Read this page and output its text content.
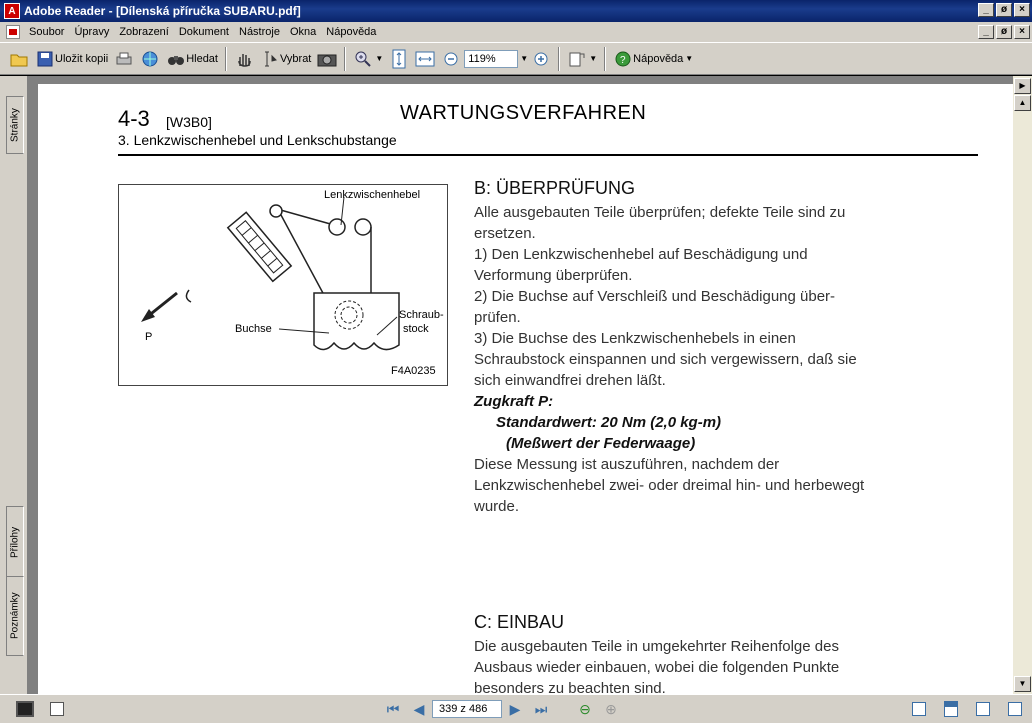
A Adobe Reader - [Dílenská příručka SUBARU.pdf]	_	ø	×
Soubor Úpravy Zobrazení Dokument Nástroje Okna Nápověda	_	ø	×
Uložit kopii	Hledat	Vybrat	▼	119%	▼	▼ ? Nápověda ▼
Stránky
Přílohy
Poznámky
4-3 [W3B0]	WARTUNGSVERFAHREN
3. Lenkzwischenhebel und Lenkschubstange
Lenkzwischenhebel
Schraub-
stock
Buchse
P
F4A0235
B: ÜBERPRÜFUNG
Alle ausgebauten Teile überprüfen; defekte Teile sind zu
ersetzen.
1) Den Lenkzwischenhebel auf Beschädigung und
Verformung überprüfen.
2) Die Buchse auf Verschleiß und Beschädigung über-
prüfen.
3) Die Buchse des Lenkzwischenhebels in einen
Schraubstock einspannen und sich vergewissern, daß sie
sich einwandfrei drehen läßt.
Zugkraft P:
Standardwert: 20 Nm (2,0 kg-m)
(Meßwert der Federwaage)
Diese Messung ist auszuführen, nachdem der
Lenkzwischenhebel zwei- oder dreimal hin- und herbewegt
wurde.
C: EINBAU
Die ausgebauten Teile in umgekehrter Reihenfolge des
Ausbaus wieder einbauen, wobei die folgenden Punkte
besonders zu beachten sind.
▶
▲
▼
⏮	◀	339 z 486	▶	⏭	⊖	⊕
